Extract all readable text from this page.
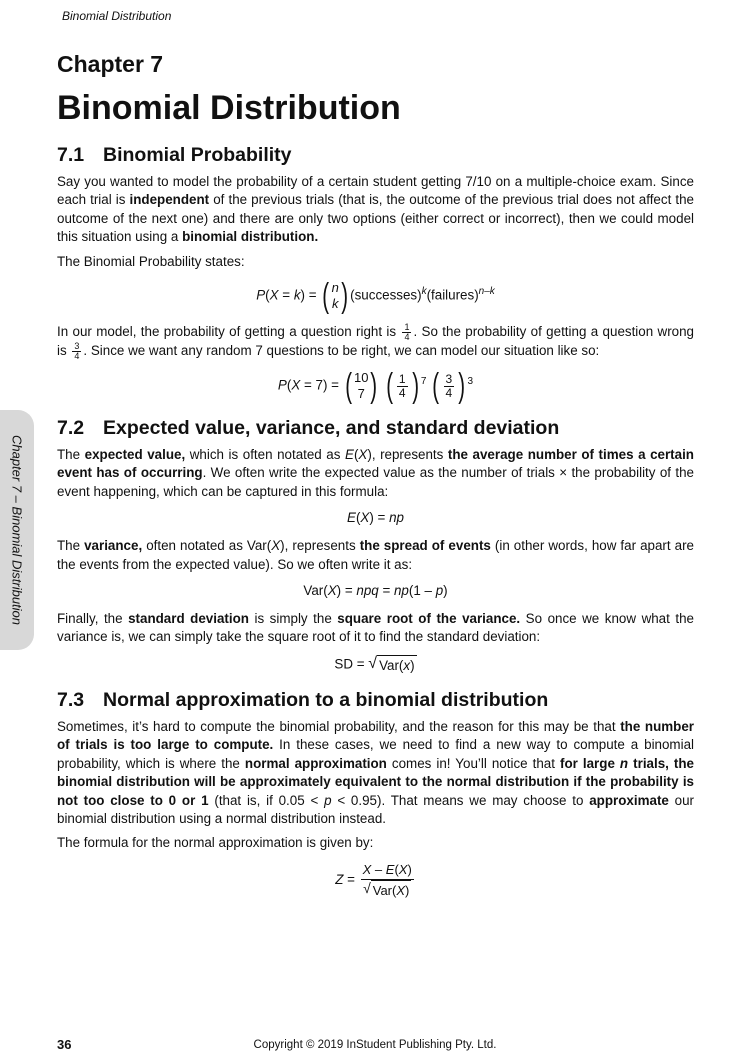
Binomial Distribution
Chapter 7 – Binomial Distribution
Chapter 7
Binomial Distribution
7.1 Binomial Probability

Say you wanted to model the probability of a certain student getting 7/10 on a multiple-choice exam. Since each trial is independent of the previous trials (that is, the outcome of the previous trial does not affect the outcome of the next one) and there are only two options (either correct or incorrect), then we could model this situation using a binomial distribution.

The Binomial Probability states:

P(X = k) = ( n
k ) (successes)$^k$(failures)$^{n-k}$

In our model, the probability of getting a question right is $\frac{1}{4}$ . So the probability of getting a question wrong is $\frac{3}{4}$ . Since we want any random 7 questions to be right, we can model our situation like so:

P(X = 7) = ( 10
7 )
( $\frac{1}{4}$ ) $^7$ ( $\frac{3}{4}$ ) $^3$
7.2 Expected value, variance, and standard deviation

The expected value, which is often notated as E(X), represents the average number of times a certain event has of occurring. We often write the expected value as the number of trials × the probability of the event happening, which can be captured in this formula:

E(X) = np

The variance, often notated as Var(X), represents the spread of events (in other words, how far apart are the events from the expected value). So we often write it as:

Var(X) = npq = np(1 – p)

Finally, the standard deviation is simply the square root of the variance. So once we know what the variance is, we can simply take the square root of it to find the standard deviation:

SD = √ Var(x)
7.3 Normal approximation to a binomial distribution

Sometimes, it’s hard to compute the binomial probability, and the reason for this may be that the number of trials is too large to compute. In these cases, we need to find a new way to compute a binomial probability, which is where the normal approximation comes in! You’ll notice that for large n trials, the binomial distribution will be approximately equivalent to the normal distribution if the probability is not too close to 0 or 1 (that is, if 0.05 < p < 0.95). That means we may choose to approximate our binomial distribution using a normal distribution instead.

The formula for the normal approximation is given by:

$Z = \frac{X - E(X)}{\text{√ Var(X)}}$
36	Copyright © 2019 InStudent Publishing Pty. Ltd.
